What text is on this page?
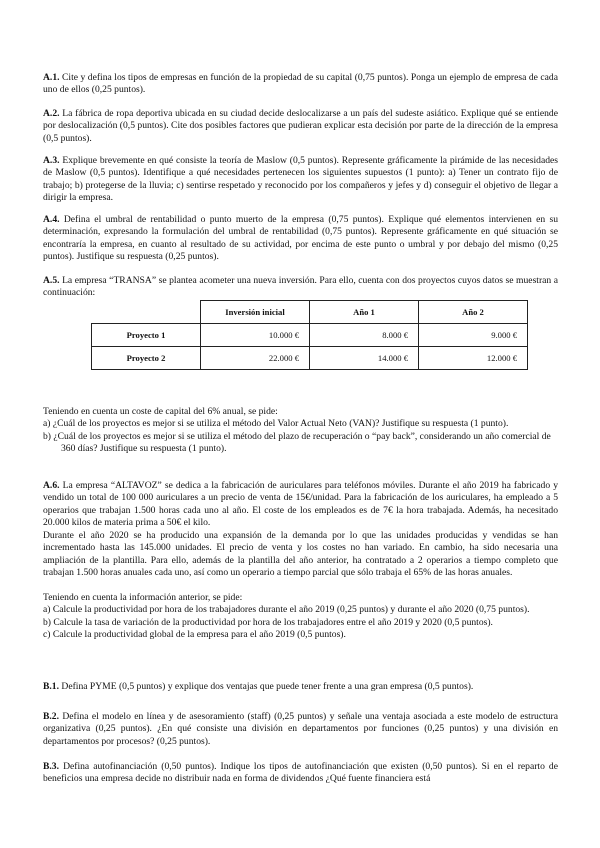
A.1. Cite y defina los tipos de empresas en función de la propiedad de su capital (0,75 puntos). Ponga un ejemplo de empresa de cada uno de ellos (0,25 puntos).

A.2. La fábrica de ropa deportiva ubicada en su ciudad decide deslocalizarse a un país del sudeste asiático. Explique qué se entiende por deslocalización (0,5 puntos). Cite dos posibles factores que pudieran explicar esta decisión por parte de la dirección de la empresa (0,5 puntos).

A.3. Explique brevemente en qué consiste la teoría de Maslow (0,5 puntos). Represente gráficamente la pirámide de las necesidades de Maslow (0,5 puntos). Identifique a qué necesidades pertenecen los siguientes supuestos (1 punto): a) Tener un contrato fijo de trabajo; b) protegerse de la lluvia; c) sentirse respetado y reconocido por los compañeros y jefes y d) conseguir el objetivo de llegar a dirigir la empresa.

A.4. Defina el umbral de rentabilidad o punto muerto de la empresa (0,75 puntos). Explique qué elementos intervienen en su determinación, expresando la formulación del umbral de rentabilidad (0,75 puntos). Represente gráficamente en qué situación se encontraría la empresa, en cuanto al resultado de su actividad, por encima de este punto o umbral y por debajo del mismo (0,25 puntos). Justifique su respuesta (0,25 puntos).

A.5. La empresa “TRANSA” se plantea acometer una nueva inversión. Para ello, cuenta con dos proyectos cuyos datos se muestran a continuación:

	Inversión inicial	Año 1	Año 2
Proyecto 1	10.000 €	8.000 €	9.000 €
Proyecto 2	22.000 €	14.000 €	12.000 €
Teniendo en cuenta un coste de capital del 6% anual, se pide:
a) ¿Cuál de los proyectos es mejor si se utiliza el método del Valor Actual Neto (VAN)? Justifique su respuesta (1 punto).
b) ¿Cuál de los proyectos es mejor si se utiliza el método del plazo de recuperación o “pay back”, considerando un año comercial de 360 días? Justifique su respuesta (1 punto).

A.6. La empresa “ALTAVOZ” se dedica a la fabricación de auriculares para teléfonos móviles. Durante el año 2019 ha fabricado y vendido un total de 100 000 auriculares a un precio de venta de 15€/unidad. Para la fabricación de los auriculares, ha empleado a 5 operarios que trabajan 1.500 horas cada uno al año. El coste de los empleados es de 7€ la hora trabajada. Además, ha necesitado 20.000 kilos de materia prima a 50€ el kilo.

Durante el año 2020 se ha producido una expansión de la demanda por lo que las unidades producidas y vendidas se han incrementado hasta las 145.000 unidades. El precio de venta y los costes no han variado. En cambio, ha sido necesaria una ampliación de la plantilla. Para ello, además de la plantilla del año anterior, ha contratado a 2 operarios a tiempo completo que trabajan 1.500 horas anuales cada uno, así como un operario a tiempo parcial que sólo trabaja el 65% de las horas anuales.

Teniendo en cuenta la información anterior, se pide:
a) Calcule la productividad por hora de los trabajadores durante el año 2019 (0,25 puntos) y durante el año 2020 (0,75 puntos).
b) Calcule la tasa de variación de la productividad por hora de los trabajadores entre el año 2019 y 2020 (0,5 puntos).
c) Calcule la productividad global de la empresa para el año 2019 (0,5 puntos).

B.1. Defina PYME (0,5 puntos) y explique dos ventajas que puede tener frente a una gran empresa (0,5 puntos).

B.2. Defina el modelo en línea y de asesoramiento (staff) (0,25 puntos) y señale una ventaja asociada a este modelo de estructura organizativa (0,25 puntos). ¿En qué consiste una división en departamentos por funciones (0,25 puntos) y una división en departamentos por procesos? (0,25 puntos).

B.3. Defina autofinanciación (0,50 puntos). Indique los tipos de autofinanciación que existen (0,50 puntos). Si en el reparto de beneficios una empresa decide no distribuir nada en forma de dividendos ¿Qué fuente financiera está
